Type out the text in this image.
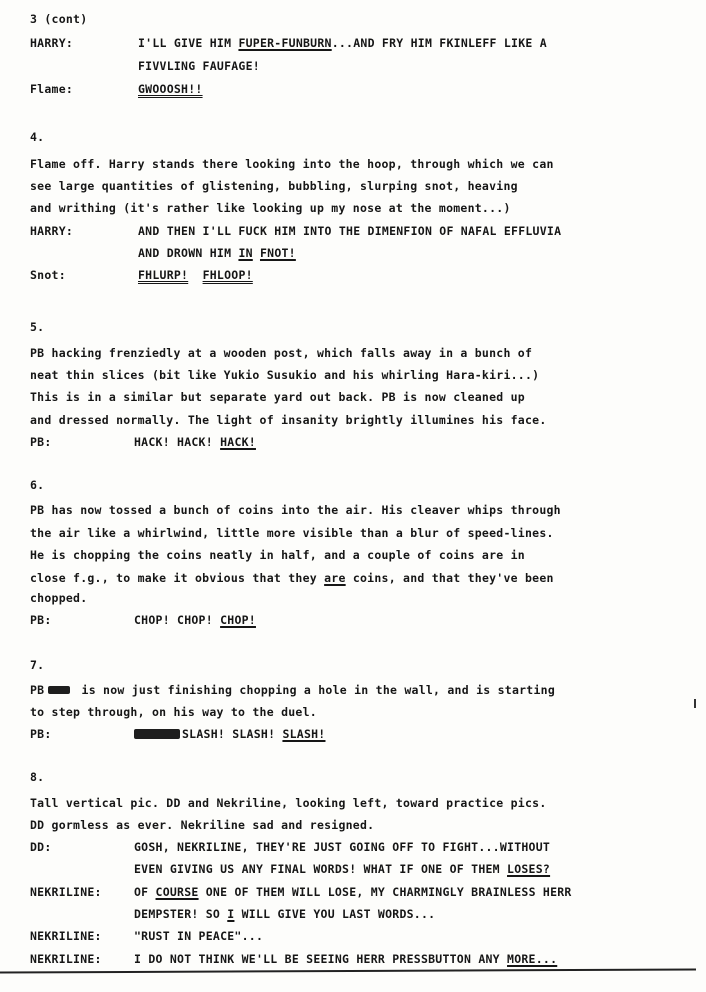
3 (cont)
HARRY:	I'LL GIVE HIM FUPER-FUNBURN...AND FRY HIM FKINLEFF LIKE A
FIVVLING FAUFAGE!
Flame:	GWOOOSH!!
4.
Flame off. Harry stands there looking into the hoop, through which we can
see large quantities of glistening, bubbling, slurping snot, heaving
and writhing (it's rather like looking up my nose at the moment...)
HARRY:	AND THEN I'LL FUCK HIM INTO THE DIMENFION OF NAFAL EFFLUVIA
AND DROWN HIM IN FNOT!
Snot:	FHLURP! FHLOOP!
5.
PB hacking frenziedly at a wooden post, which falls away in a bunch of
neat thin slices (bit like Yukio Susukio and his whirling Hara-kiri...)
This is in a similar but separate yard out back. PB is now cleaned up
and dressed normally. The light of insanity brightly illumines his face.
PB:	HACK! HACK! HACK!
6.
PB has now tossed a bunch of coins into the air. His cleaver whips through
the air like a whirlwind, little more visible than a blur of speed-lines.
He is chopping the coins neatly in half, and a couple of coins are in
close f.g., to make it obvious that they are coins, and that they've been
chopped.
PB:	CHOP! CHOP! CHOP!
7.
PB	is now just finishing chopping a hole in the wall, and is starting
to step through, on his way to the duel.
PB:	SLASH! SLASH! SLASH!
8.
Tall vertical pic. DD and Nekriline, looking left, toward practice pics.
DD gormless as ever. Nekriline sad and resigned.
DD:	GOSH, NEKRILINE, THEY'RE JUST GOING OFF TO FIGHT...WITHOUT
EVEN GIVING US ANY FINAL WORDS! WHAT IF ONE OF THEM LOSES?
NEKRILINE:	OF COURSE ONE OF THEM WILL LOSE, MY CHARMINGLY BRAINLESS HERR
DEMPSTER! SO I WILL GIVE YOU LAST WORDS...
NEKRILINE:	"RUST IN PEACE"...
NEKRILINE:	I DO NOT THINK WE'LL BE SEEING HERR PRESSBUTTON ANY MORE...
